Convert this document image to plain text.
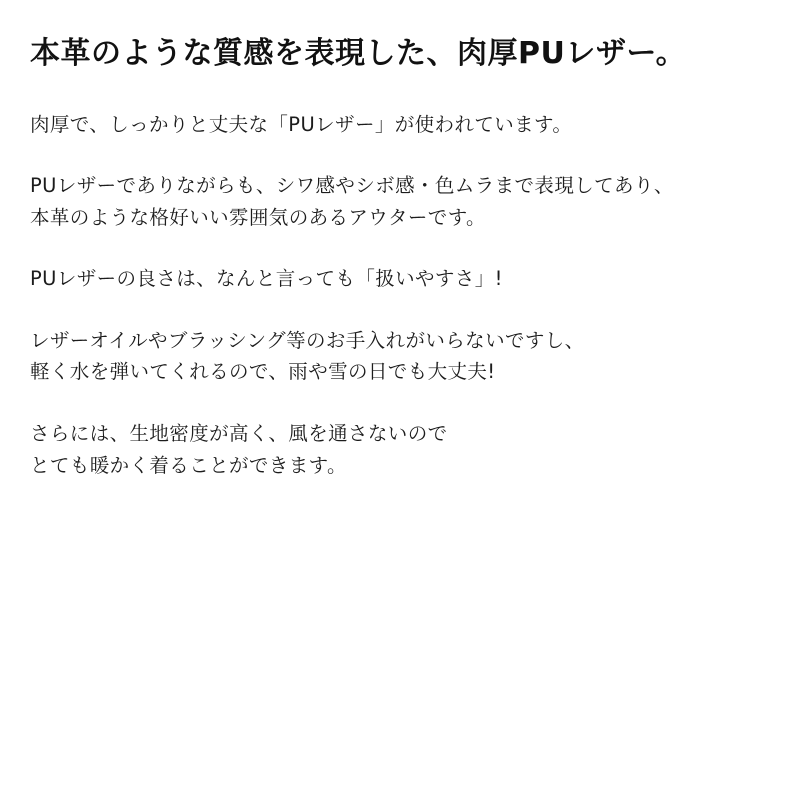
本革のような質感を表現した、肉厚PUレザー。

肉厚で、しっかりと丈夫な「PUレザー」が使われています。

PUレザーでありながらも、シワ感やシボ感・色ムラまで表現してあり、
本革のような格好いい雰囲気のあるアウターです。

PUレザーの良さは、なんと言っても「扱いやすさ」!

レザーオイルやブラッシング等のお手入れがいらないですし、
軽く水を弾いてくれるので、雨や雪の日でも大丈夫!

さらには、生地密度が高く、風を通さないので
とても暖かく着ることができます。
